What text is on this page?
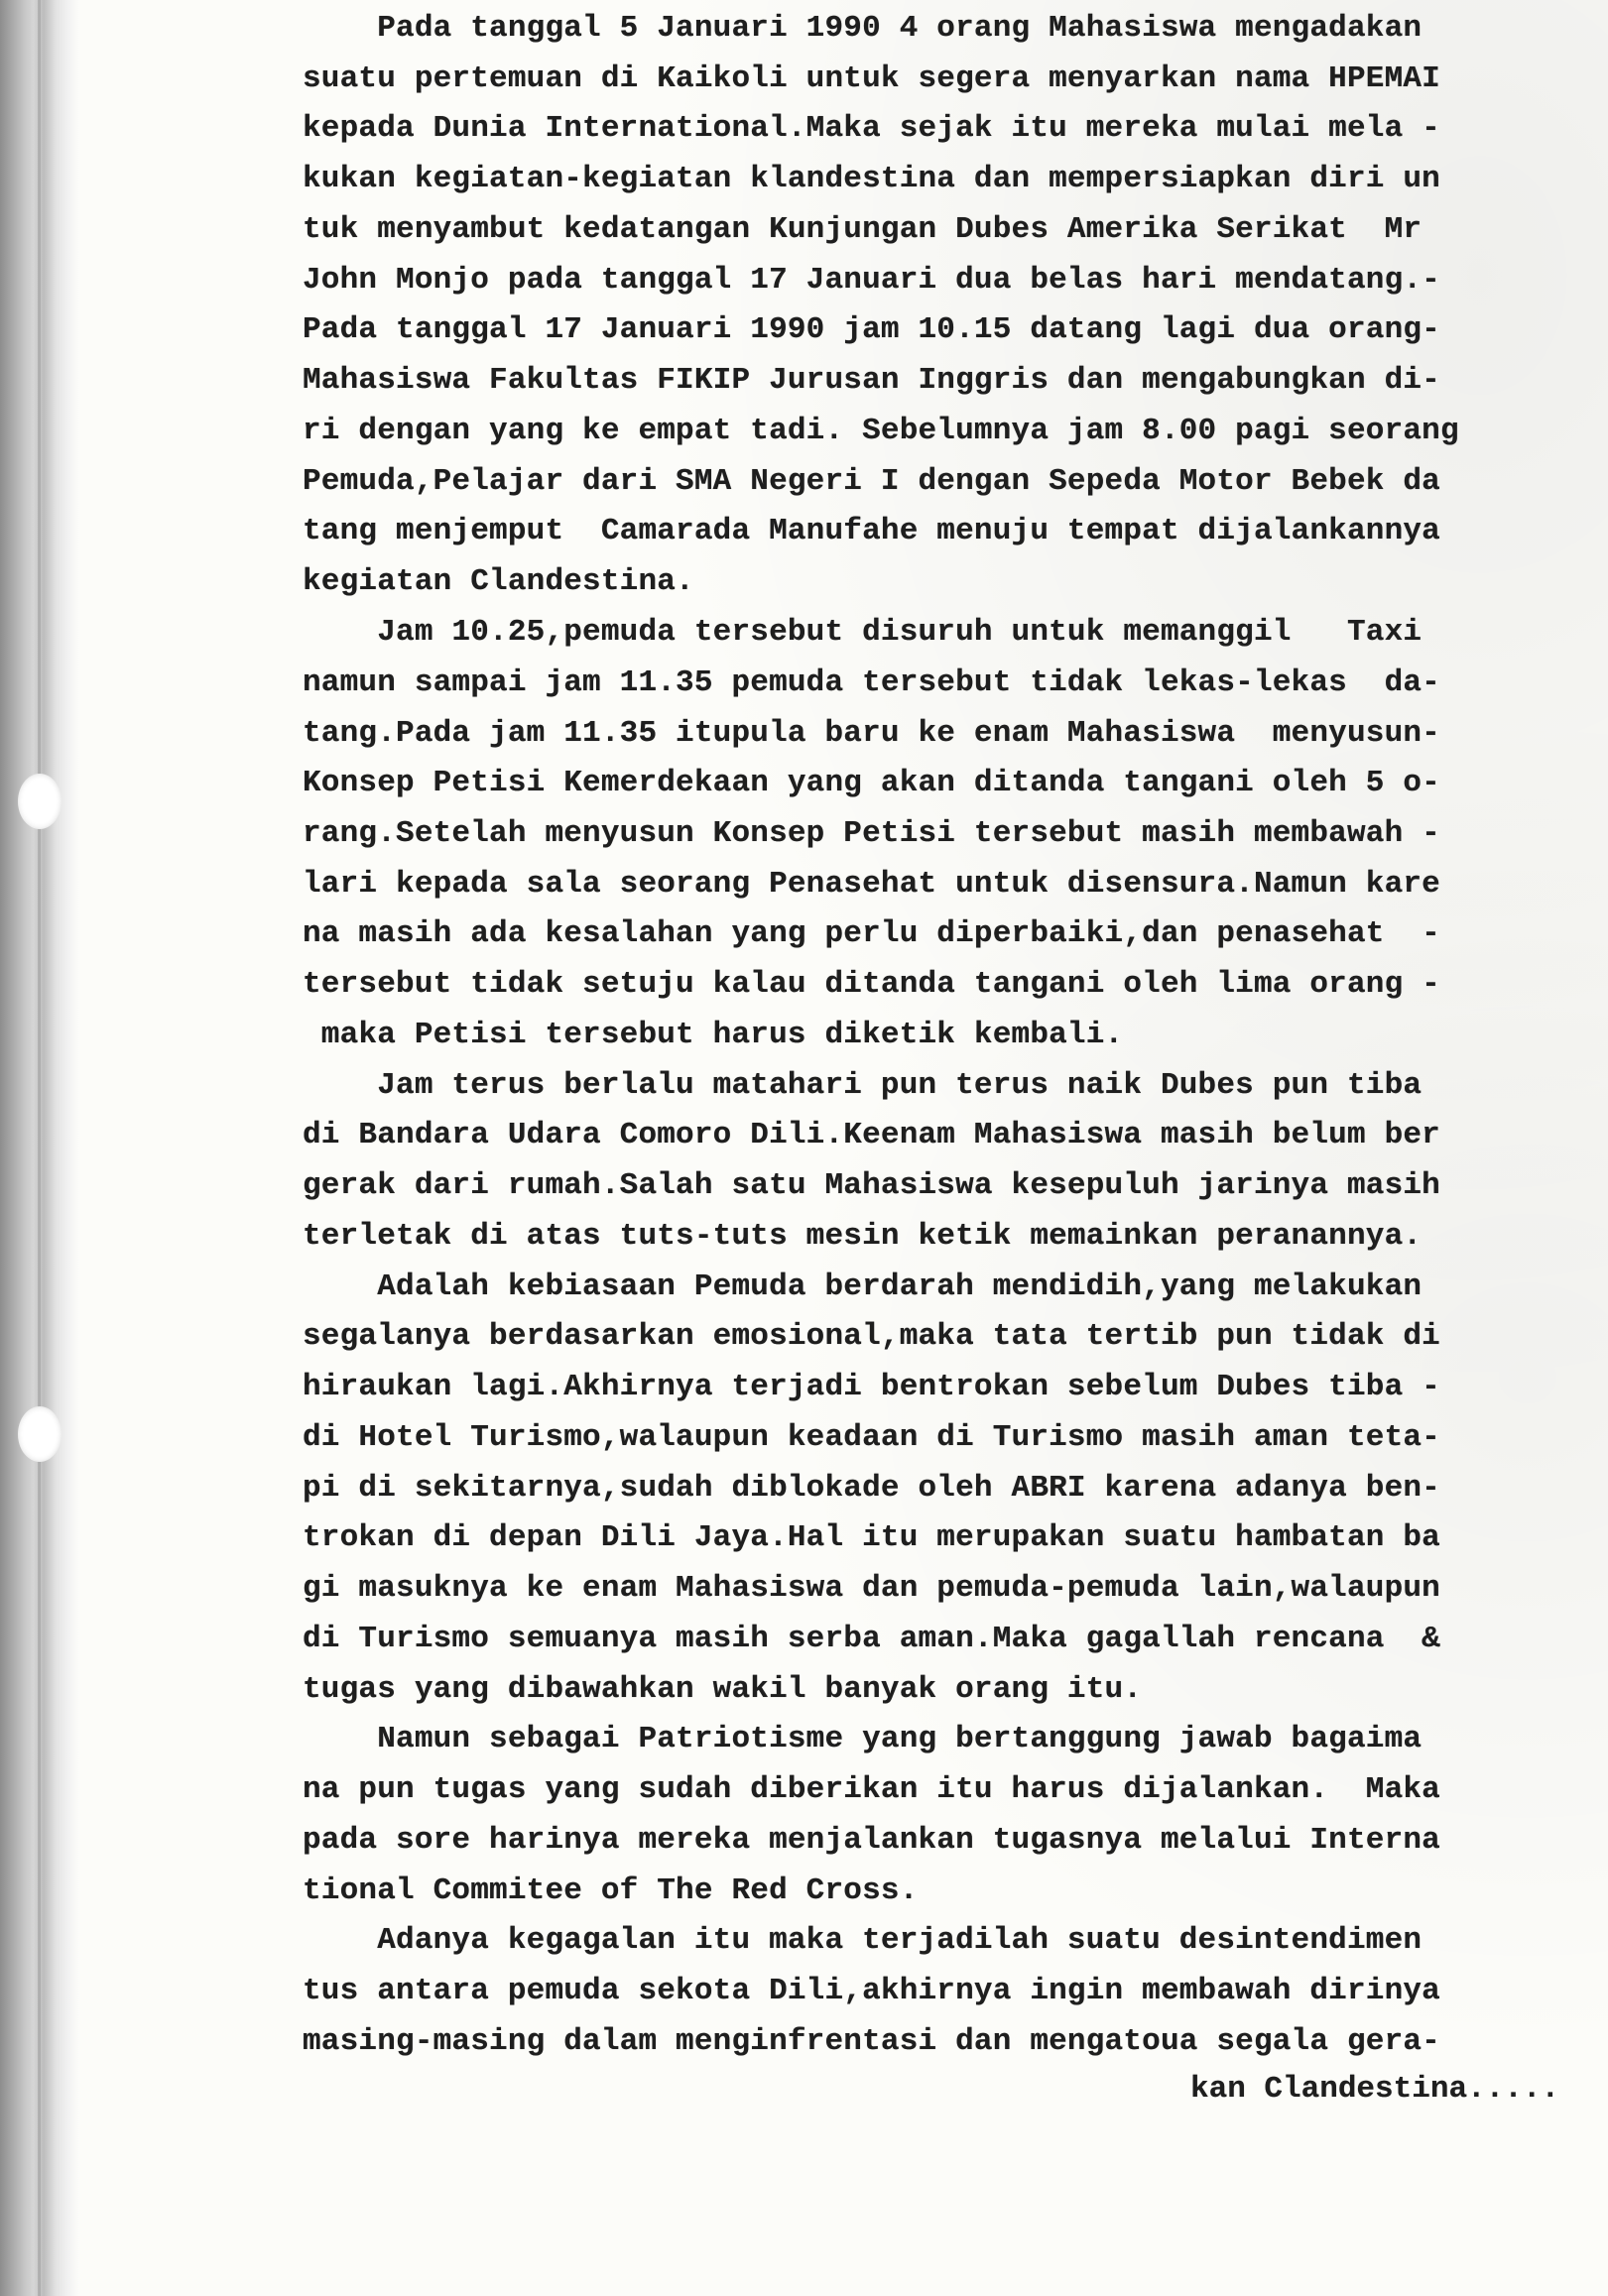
Pada tanggal 5 Januari 1990 4 orang Mahasiswa mengadakan
suatu pertemuan di Kaikoli untuk segera menyarkan nama HPEMAI
kepada Dunia International.Maka sejak itu mereka mulai mela -
kukan kegiatan-kegiatan klandestina dan mempersiapkan diri un
tuk menyambut kedatangan Kunjungan Dubes Amerika Serikat  Mr
John Monjo pada tanggal 17 Januari dua belas hari mendatang.-
Pada tanggal 17 Januari 1990 jam 10.15 datang lagi dua orang-
Mahasiswa Fakultas FIKIP Jurusan Inggris dan mengabungkan di-
ri dengan yang ke empat tadi. Sebelumnya jam 8.00 pagi seorang
Pemuda,Pelajar dari SMA Negeri I dengan Sepeda Motor Bebek da
tang menjemput  Camarada Manufahe menuju tempat dijalankannya
kegiatan Clandestina.
Jam 10.25,pemuda tersebut disuruh untuk memanggil   Taxi
namun sampai jam 11.35 pemuda tersebut tidak lekas-lekas  da-
tang.Pada jam 11.35 itupula baru ke enam Mahasiswa  menyusun-
Konsep Petisi Kemerdekaan yang akan ditanda tangani oleh 5 o-
rang.Setelah menyusun Konsep Petisi tersebut masih membawah -
lari kepada sala seorang Penasehat untuk disensura.Namun kare
na masih ada kesalahan yang perlu diperbaiki,dan penasehat  -
tersebut tidak setuju kalau ditanda tangani oleh lima orang -
maka Petisi tersebut harus diketik kembali.
Jam terus berlalu matahari pun terus naik Dubes pun tiba
di Bandara Udara Comoro Dili.Keenam Mahasiswa masih belum ber
gerak dari rumah.Salah satu Mahasiswa kesepuluh jarinya masih
terletak di atas tuts-tuts mesin ketik memainkan peranannya.
Adalah kebiasaan Pemuda berdarah mendidih,yang melakukan
segalanya berdasarkan emosional,maka tata tertib pun tidak di
hiraukan lagi.Akhirnya terjadi bentrokan sebelum Dubes tiba -
di Hotel Turismo,walaupun keadaan di Turismo masih aman teta-
pi di sekitarnya,sudah diblokade oleh ABRI karena adanya ben-
trokan di depan Dili Jaya.Hal itu merupakan suatu hambatan ba
gi masuknya ke enam Mahasiswa dan pemuda-pemuda lain,walaupun
di Turismo semuanya masih serba aman.Maka gagallah rencana  &
tugas yang dibawahkan wakil banyak orang itu.
Namun sebagai Patriotisme yang bertanggung jawab bagaima
na pun tugas yang sudah diberikan itu harus dijalankan.  Maka
pada sore harinya mereka menjalankan tugasnya melalui Interna
tional Commitee of The Red Cross.
Adanya kegagalan itu maka terjadilah suatu desintendimen
tus antara pemuda sekota Dili,akhirnya ingin membawah dirinya
masing-masing dalam menginfrentasi dan mengatoua segala gera-
kan Clandestina.....
